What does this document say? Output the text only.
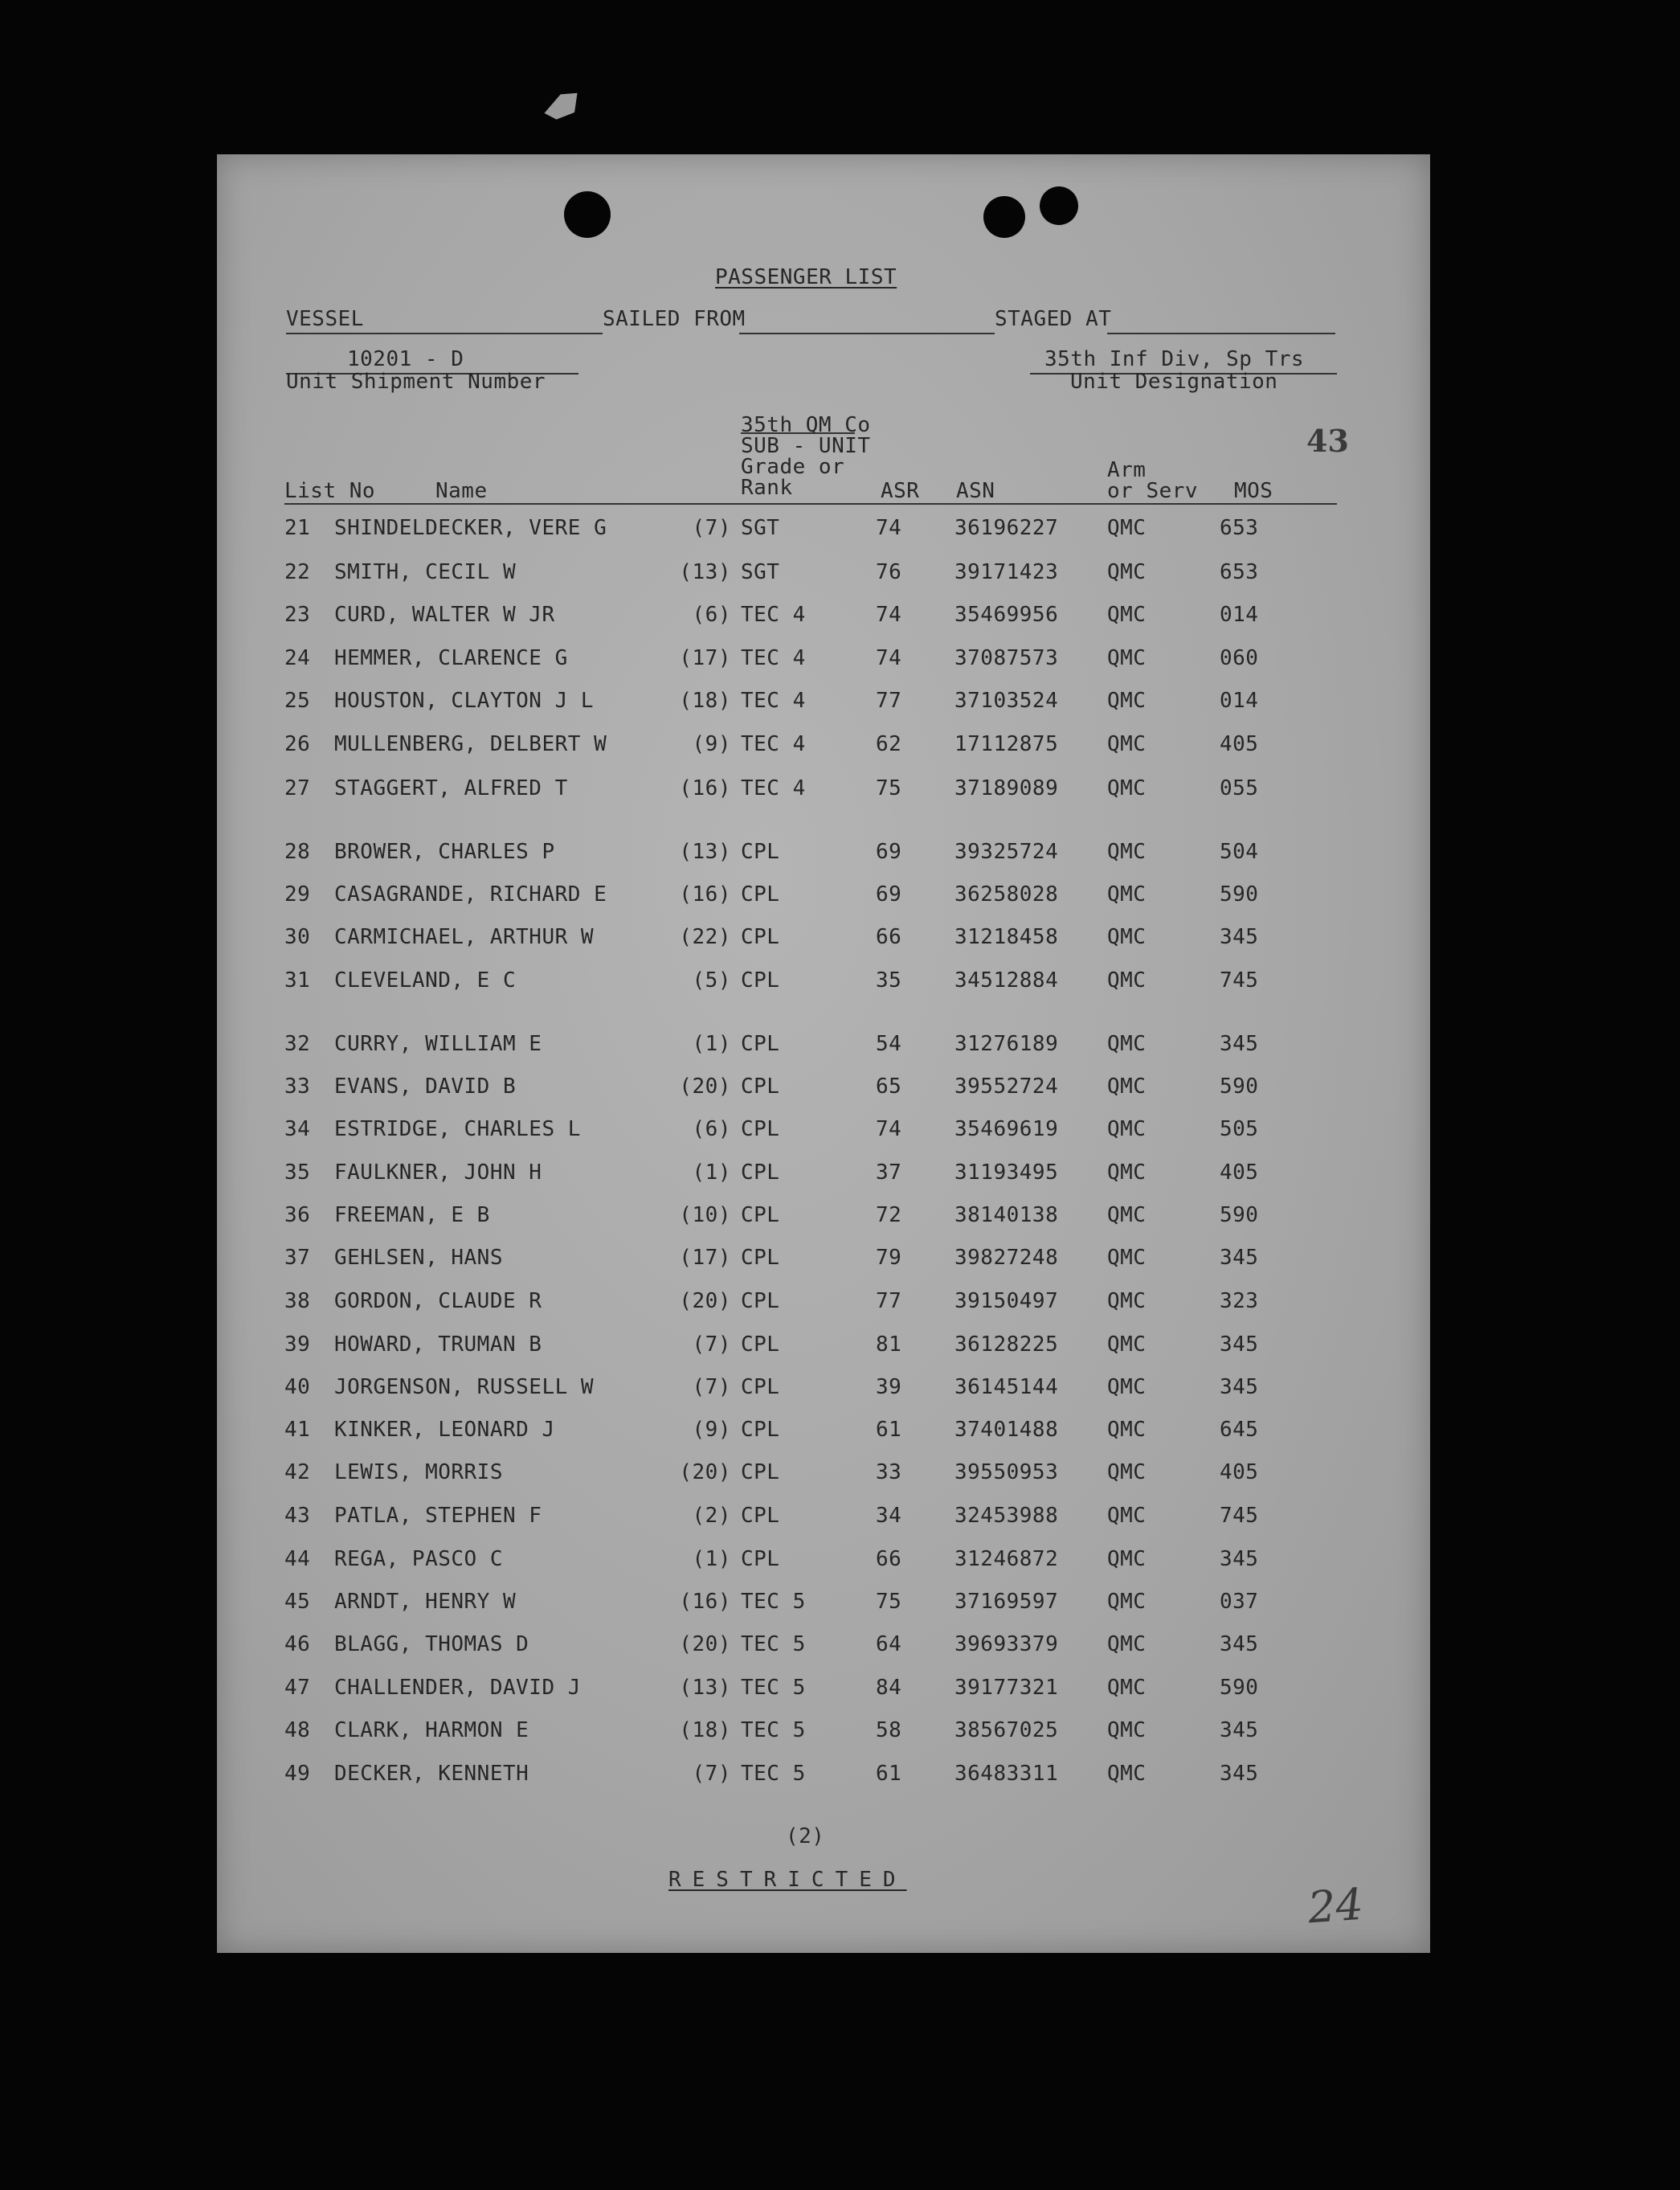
PASSENGER LIST
VESSEL	SAILED FROM	STAGED AT
10201 - D
Unit Shipment Number
35th Inf Div, Sp Trs
Unit Designation
43
35th QM Co
SUB - UNIT
Grade or
Rank
List No	Name	ASR ASN
Arm
or Serv MOS
21 SHINDELDECKER, VERE G	(7) SGT	74	36196227 QMC	653
22 SMITH, CECIL W	(13) SGT	76	39171423 QMC	653
23 CURD, WALTER W JR	(6) TEC 4	74	35469956 QMC	014
24 HEMMER, CLARENCE G	(17) TEC 4	74	37087573 QMC	060
25 HOUSTON, CLAYTON J L	(18) TEC 4	77	37103524 QMC	014
26 MULLENBERG, DELBERT W	(9) TEC 4	62	17112875 QMC	405
27 STAGGERT, ALFRED T	(16) TEC 4	75	37189089 QMC	055
28 BROWER, CHARLES P	(13) CPL	69	39325724 QMC	504
29 CASAGRANDE, RICHARD E	(16) CPL	69	36258028 QMC	590
30 CARMICHAEL, ARTHUR W	(22) CPL	66	31218458 QMC	345
31 CLEVELAND, E C	(5) CPL	35	34512884 QMC	745
32 CURRY, WILLIAM E	(1) CPL	54	31276189 QMC	345
33 EVANS, DAVID B	(20) CPL	65	39552724 QMC	590
34 ESTRIDGE, CHARLES L	(6) CPL	74	35469619 QMC	505
35 FAULKNER, JOHN H	(1) CPL	37	31193495 QMC	405
36 FREEMAN, E B	(10) CPL	72	38140138 QMC	590
37 GEHLSEN, HANS	(17) CPL	79	39827248 QMC	345
38 GORDON, CLAUDE R	(20) CPL	77	39150497 QMC	323
39 HOWARD, TRUMAN B	(7) CPL	81	36128225 QMC	345
40 JORGENSON, RUSSELL W	(7) CPL	39	36145144 QMC	345
41 KINKER, LEONARD J	(9) CPL	61	37401488 QMC	645
42 LEWIS, MORRIS	(20) CPL	33	39550953 QMC	405
43 PATLA, STEPHEN F	(2) CPL	34	32453988 QMC	745
44 REGA, PASCO C	(1) CPL	66	31246872 QMC	345
45 ARNDT, HENRY W	(16) TEC 5	75	37169597 QMC	037
46 BLAGG, THOMAS D	(20) TEC 5	64	39693379 QMC	345
47 CHALLENDER, DAVID J	(13) TEC 5	84	39177321 QMC	590
48 CLARK, HARMON E	(18) TEC 5	58	38567025 QMC	345
49 DECKER, KENNETH	(7) TEC 5	61	36483311 QMC	345
(2)
RESTRICTED	24
